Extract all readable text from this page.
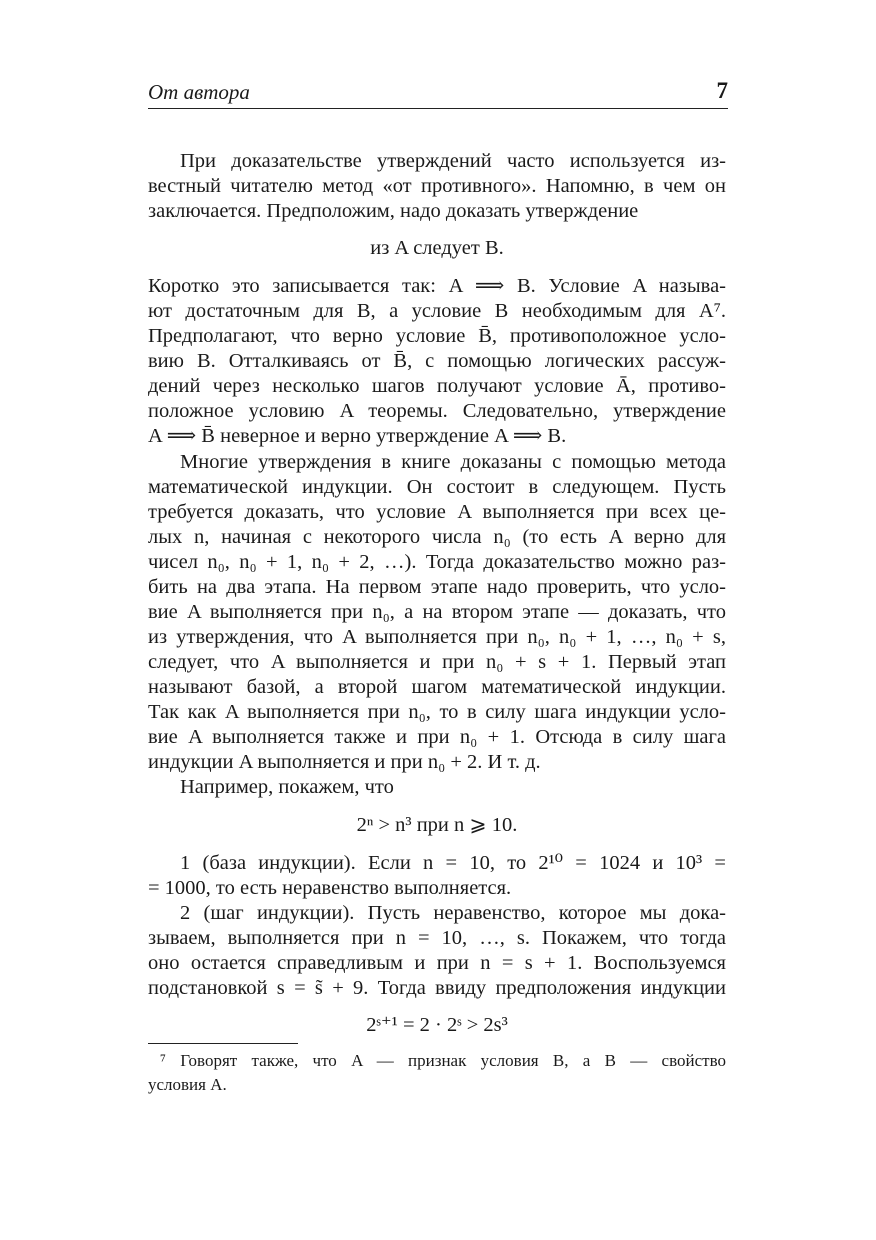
От автора	7
При доказательстве утверждений часто используется из-
вестный читателю метод «от противного». Напомню, в чем он
заключается. Предположим, надо доказать утверждение
из A следует B.
Коротко это записывается так: A ⟹ B. Условие A называ-
ют достаточным для B, а условие B необходимым для A⁷.
Предполагают, что верно условие B̄, противоположное усло-
вию B. Отталкиваясь от B̄, с помощью логических рассуж-
дений через несколько шагов получают условие Ā, противо-
положное условию A теоремы. Следовательно, утверждение
A ⟹ B̄ неверное и верно утверждение A ⟹ B.
Многие утверждения в книге доказаны с помощью метода
математической индукции. Он состоит в следующем. Пусть
требуется доказать, что условие A выполняется при всех це-
лых n, начиная с некоторого числа n₀ (то есть A верно для
чисел n₀, n₀ + 1, n₀ + 2, …). Тогда доказательство можно раз-
бить на два этапа. На первом этапе надо проверить, что усло-
вие A выполняется при n₀, а на втором этапе — доказать, что
из утверждения, что A выполняется при n₀, n₀ + 1, …, n₀ + s,
следует, что A выполняется и при n₀ + s + 1. Первый этап
называют базой, а второй шагом математической индукции.
Так как A выполняется при n₀, то в силу шага индукции усло-
вие A выполняется также и при n₀ + 1. Отсюда в силу шага
индукции A выполняется и при n₀ + 2. И т. д.
Например, покажем, что
2ⁿ > n³ при n ⩾ 10.
1 (база индукции). Если n = 10, то 2¹⁰ = 1024 и 10³ =
= 1000, то есть неравенство выполняется.
2 (шаг индукции). Пусть неравенство, которое мы дока-
зываем, выполняется при n = 10, …, s. Покажем, что тогда
оно остается справедливым и при n = s + 1. Воспользуемся
подстановкой s = s̃ + 9. Тогда ввиду предположения индукции
2ˢ⁺¹ = 2 · 2ˢ > 2s³
⁷ Говорят также, что A — признак условия B, а B — свойство
условия A.
